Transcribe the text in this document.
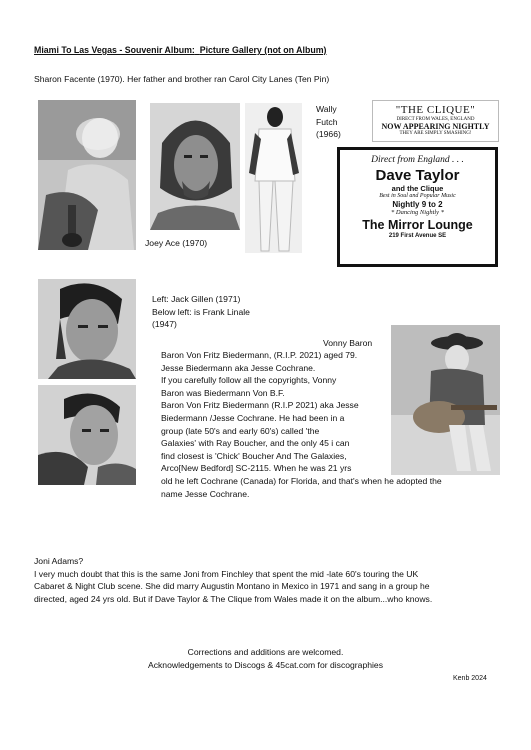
Miami To Las Vegas - Souvenir Album: Picture Gallery (not on Album)
Sharon Facente (1970). Her father and brother ran Carol City Lanes (Ten Pin)
Wally
Futch
(1966)
"THE CLIQUE"
DIRECT FROM WALES, ENGLAND
NOW APPEARING NIGHTLY
THEY ARE SIMPLY SMASHING!
Direct from England . . .
Dave Taylor
and the Clique
Best in Soul and Popular Music
Nightly 9 to 2
* Dancing Nightly *
The Mirror Lounge
219 First Avenue SE
Joey Ace (1970)
Left: Jack Gillen (1971)
Below left: is Frank Linale
(1947)
Vonny Baron
Baron Von Fritz Biedermann, (R.I.P. 2021) aged 79.
Jesse Biedermann aka Jesse Cochrane.
If you carefully follow all the copyrights, Vonny
Baron was Biedermann Von B.F.
Baron Von Fritz Biedermann (R.I.P 2021) aka Jesse
Biedermann /Jesse Cochrane. He had been in a
group (late 50's and early 60's) called 'the
Galaxies' with Ray Boucher, and the only 45 i can
find closest is 'Chick' Boucher And The Galaxies,
Arco[New Bedford] SC-2115. When he was 21 yrs
old he left Cochrane (Canada) for Florida, and that's when he adopted the
name Jesse Cochrane.
Joni Adams?
I very much doubt that this is the same Joni from Finchley that spent the mid -late 60's touring the UK
Cabaret & Night Club scene. She did marry Augustin Montano in Mexico in 1971 and sang in a group he
directed, aged 24 yrs old. But if Dave Taylor & The Clique from Wales made it on the album...who knows.
Corrections and additions are welcomed.
Acknowledgements to Discogs & 45cat.com for discographies
Kenb 2024
